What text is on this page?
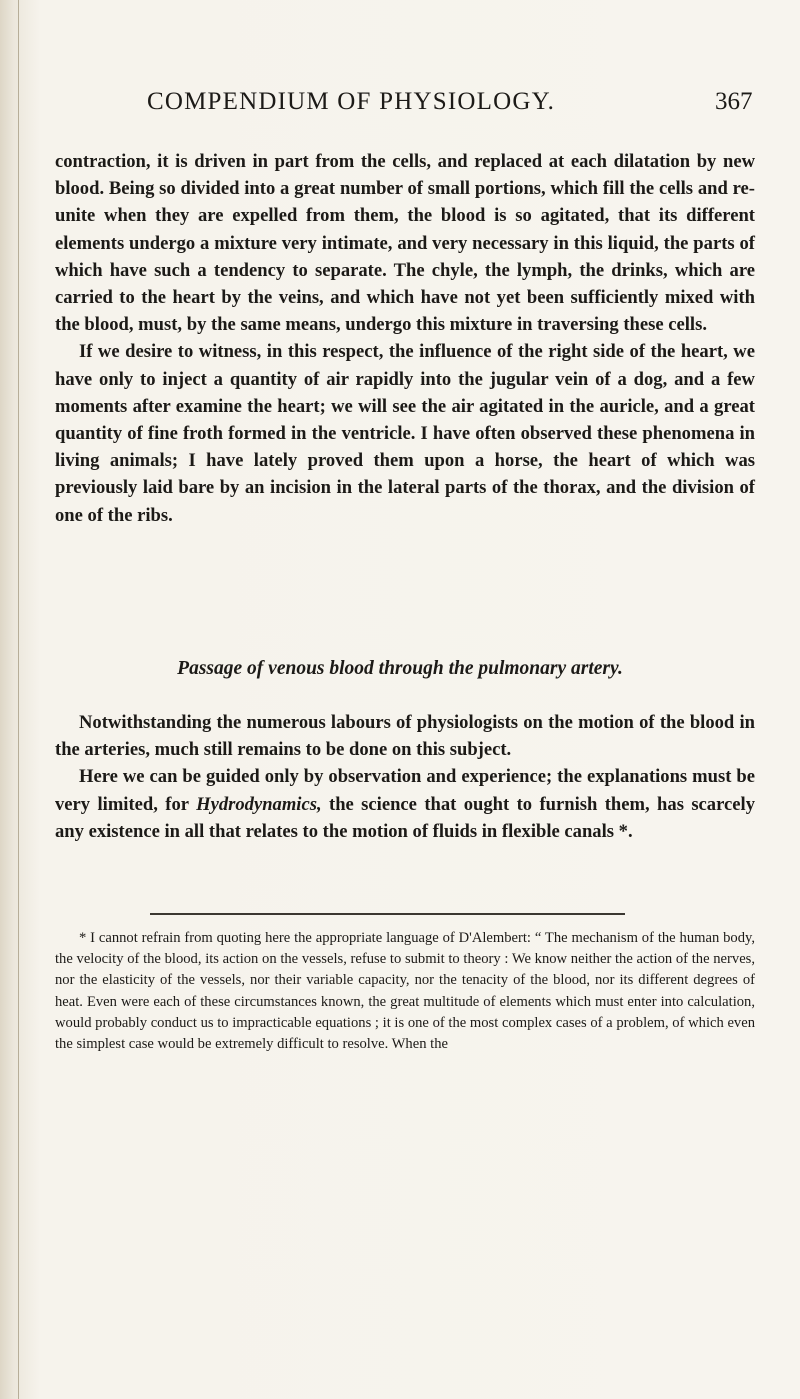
COMPENDIUM OF PHYSIOLOGY.	367

contraction, it is driven in part from the cells, and replaced at each dilatation by new blood. Being so divided into a great number of small portions, which fill the cells and re-unite when they are expelled from them, the blood is so agitated, that its different elements undergo a mixture very intimate, and very necessary in this liquid, the parts of which have such a tendency to separate. The chyle, the lymph, the drinks, which are carried to the heart by the veins, and which have not yet been sufficiently mixed with the blood, must, by the same means, undergo this mixture in traversing these cells.

If we desire to witness, in this respect, the influence of the right side of the heart, we have only to inject a quantity of air rapidly into the jugular vein of a dog, and a few moments after examine the heart; we will see the air agitated in the auricle, and a great quantity of fine froth formed in the ventricle. I have often observed these phenomena in living animals; I have lately proved them upon a horse, the heart of which was previously laid bare by an incision in the lateral parts of the thorax, and the division of one of the ribs.

Passage of venous blood through the pulmonary artery.

Notwithstanding the numerous labours of physiologists on the motion of the blood in the arteries, much still remains to be done on this subject.

Here we can be guided only by observation and experience; the explanations must be very limited, for Hydrodynamics, the science that ought to furnish them, has scarcely any existence in all that relates to the motion of fluids in flexible canals *.

* I cannot refrain from quoting here the appropriate language of D'Alembert: “ The mechanism of the human body, the velocity of the blood, its action on the vessels, refuse to submit to theory : We know neither the action of the nerves, nor the elasticity of the vessels, nor their variable capacity, nor the tenacity of the blood, nor its different degrees of heat. Even were each of these circumstances known, the great multitude of elements which must enter into calculation, would probably conduct us to impracticable equations ; it is one of the most complex cases of a problem, of which even the simplest case would be extremely difficult to resolve. When the
